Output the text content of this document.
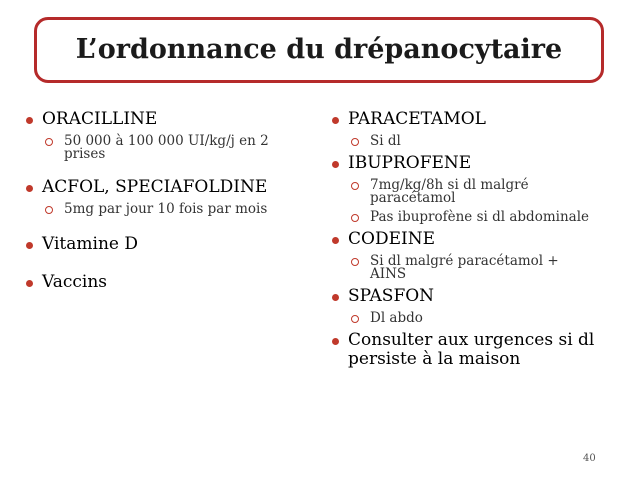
L’ordonnance du drépanocytaire
ORACILLINE
50 000 à 100 000 UI/kg/j en 2 prises
ACFOL, SPECIAFOLDINE
5mg par jour 10 fois par mois
Vitamine D
Vaccins
PARACETAMOL
Si dl
IBUPROFENE
7mg/kg/8h si dl malgré paracétamol
Pas ibuprofène si dl abdominale
CODEINE
Si dl malgré paracétamol + AINS
SPASFON
Dl abdo
Consulter aux urgences si dl persiste à la maison
40
